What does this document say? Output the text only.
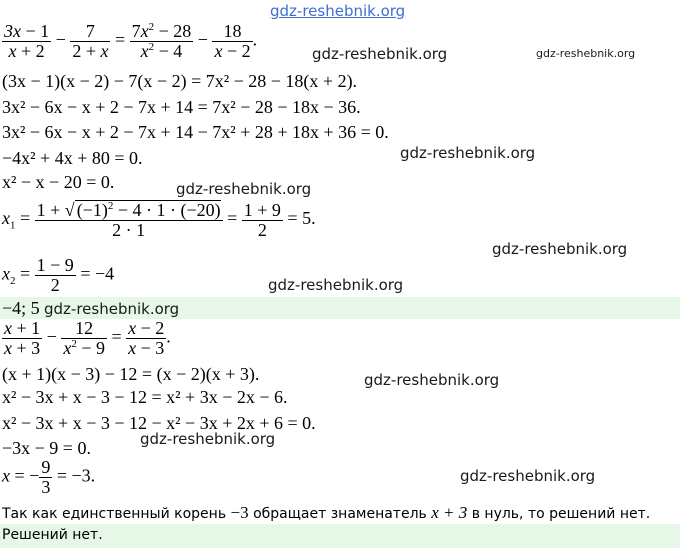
gdz-reshebnik.org
$\frac{3x - 1}{x + 2} - \frac{7}{2 + x} = \frac{7x^2 - 28}{x^2 - 4} - \frac{18}{x - 2}$ .
gdz-reshebnik.org	gdz-reshebnik.org
(3x − 1)(x − 2) − 7(x − 2) = 7x² − 28 − 18(x + 2).
3x² − 6x − x + 2 − 7x + 14 = 7x² − 28 − 18x − 36.
3x² − 6x − x + 2 − 7x + 14 − 7x² + 28 + 18x + 36 = 0.
−4x² + 4x + 80 = 0.	gdz-reshebnik.org
x² − x − 20 = 0.	gdz-reshebnik.org
$x_1 = \frac{1 + √ (-1)^2 - 4 \cdot 1 \cdot (-20)}{2 \cdot 1} = \frac{1 + 9}{2} = 5$.
gdz-reshebnik.org
$x_2 = \frac{1 - 9}{2} = -4$
gdz-reshebnik.org
−4; 5 gdz-reshebnik.org
$\frac{x + 1}{x + 3} - \frac{12}{x^2 - 9} = \frac{x - 2}{x - 3}$ .
(x + 1)(x − 3) − 12 = (x − 2)(x + 3).	gdz-reshebnik.org
x² − 3x + x − 3 − 12 = x² + 3x − 2x − 6.
x² − 3x + x − 3 − 12 − x² − 3x + 2x + 6 = 0.
gdz-reshebnik.org
−3x − 9 = 0.
x = − $\frac{9}{3} = -3$.	gdz-reshebnik.org
Так как единственный корень −3 обращает знаменатель x + 3 в нуль, то решений нет.
Решений нет.
